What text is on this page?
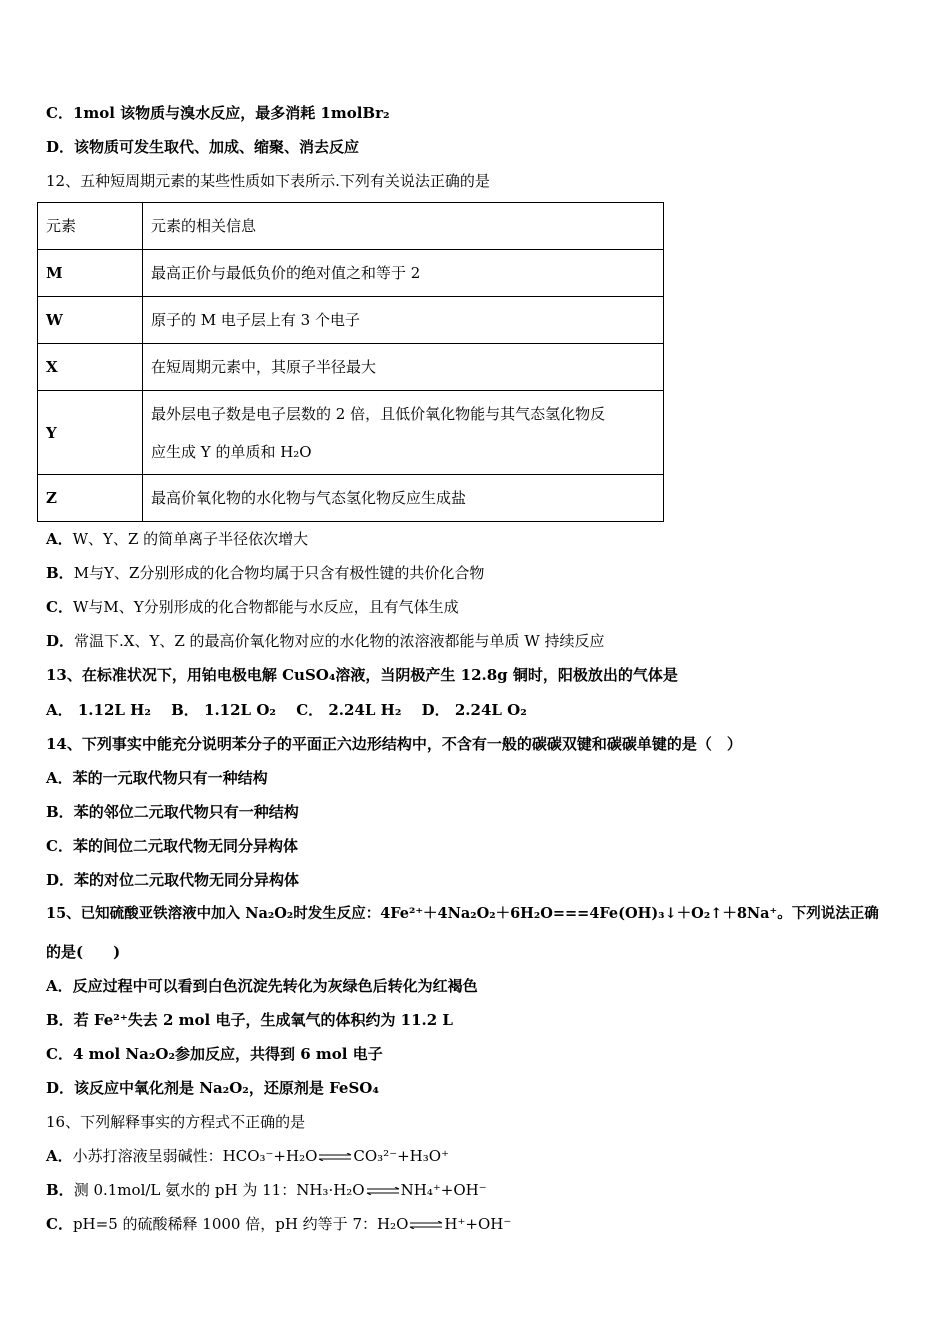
C．1mol 该物质与溴水反应，最多消耗 1molBr₂
D．该物质可发生取代、加成、缩聚、消去反应
12、五种短周期元素的某些性质如下表所示.下列有关说法正确的是
元素	元素的相关信息
M	最高正价与最低负价的绝对值之和等于 2
W	原子的 M 电子层上有 3 个电子
X	在短周期元素中，其原子半径最大
Y	最外层电子数是电子层数的 2 倍，且低价氧化物能与其气态氢化物反
应生成 Y 的单质和 H₂O

Z	最高价氧化物的水化物与气态氢化物反应生成盐
A．W、Y、Z 的简单离子半径依次增大
B．M与Y、Z分别形成的化合物均属于只含有极性键的共价化合物
C．W与M、Y分别形成的化合物都能与水反应，且有气体生成
D．常温下.X、Y、Z 的最高价氧化物对应的水化物的浓溶液都能与单质 W 持续反应
13、在标准状况下，用铂电极电解 CuSO₄溶液，当阴极产生 12.8g 铜时，阳极放出的气体是
A． 1.12L H₂ 　B． 1.12L O₂ 　C． 2.24L H₂ 　D． 2.24L O₂
14、下列事实中能充分说明苯分子的平面正六边形结构中，不含有一般的碳碳双键和碳碳单键的是（　）
A．苯的一元取代物只有一种结构
B．苯的邻位二元取代物只有一种结构
C．苯的间位二元取代物无同分异构体
D．苯的对位二元取代物无同分异构体
15、已知硫酸亚铁溶液中加入 Na₂O₂时发生反应：4Fe²⁺＋4Na₂O₂＋6H₂O===4Fe(OH)₃↓＋O₂↑＋8Na⁺。下列说法正确
的是(　　)
A．反应过程中可以看到白色沉淀先转化为灰绿色后转化为红褐色
B．若 Fe²⁺失去 2 mol 电子，生成氧气的体积约为 11.2 L
C．4 mol Na₂O₂参加反应，共得到 6 mol 电子
D．该反应中氧化剂是 Na₂O₂，还原剂是 FeSO₄
16、下列解释事实的方程式不正确的是
A．小苏打溶液呈弱碱性：HCO₃⁻+H₂O⇌CO₃²⁻+H₃O⁺
B．测 0.1mol/L 氨水的 pH 为 11：NH₃·H₂O⇌NH₄⁺+OH⁻
C．pH=5 的硫酸稀释 1000 倍，pH 约等于 7：H₂O⇌H⁺+OH⁻
